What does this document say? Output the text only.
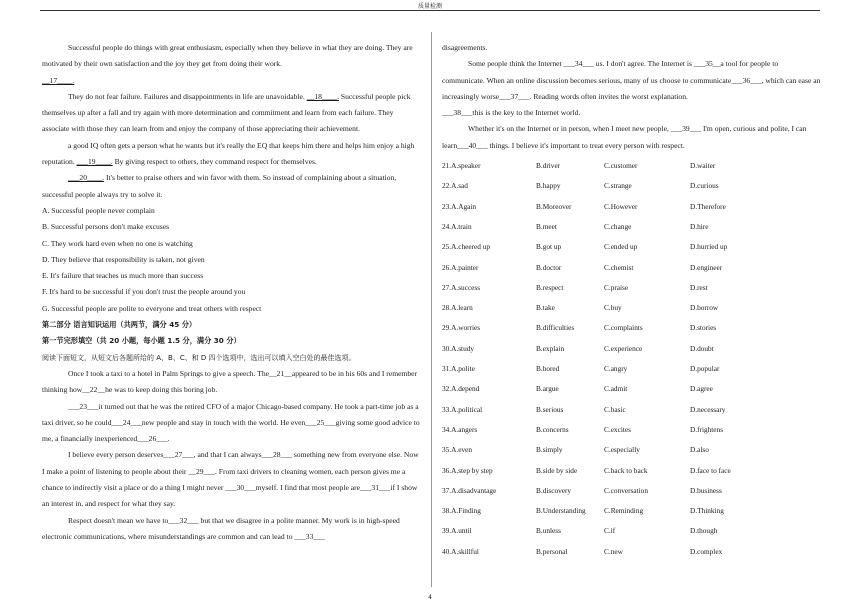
质量检测

Successful people do things with great enthusiasm, especially when they believe in what they are doing. They are motivated by their own satisfaction and the joy they get from doing their work.
__17____.

They do not fear failure. Failures and disappointments in life are unavoidable. __18____. Successful people pick themselves up after a fall and try again with more determination and commitment and learn from each failure. They associate with those they can learn from and enjoy the company of those appreciating their achievement.

a good IQ often gets a person what he wants but it's really the EQ that keeps him there and helps him enjoy a high reputation. ___19____. By giving respect to others, they command respect for themselves.

___20____. It's better to praise others and win favor with them. So instead of complaining about a situation, successful people always try to solve it.

A. Successful people never complain

B. Successful persons don't make excuses

C. They work hard even when no one is watching

D. They believe that responsibility is taken, not given

E. It's failure that teaches us much more than success

F. It's hard to be successful if you don't trust the people around you

G. Successful people are polite to everyone and treat others with respect

第二部分 语言知识运用（共两节，满分 45 分）

第一节完形填空（共 20 小题，每小题 1.5 分，满分 30 分）

阅读下面短文，从短文后各题所给的 A、B、C、和 D 四个选项中，选出可以填入空白处的最佳选项。

Once I took a taxi to a hotel in Palm Springs to give a speech. The__21__appeared to be in his 60s and I remember thinking how__22__he was to keep doing this boring job.

___23___it turned out that he was the retired CFO of a major Chicago-based company. He took a part-time job as a taxi driver, so he could___24___new people and stay in touch with the world. He even___25___giving some good advice to me, a financially inexperienced___26___.

I believe every person deserves___27___, and that I can always___28___ something new from everyone else. Now I make a point of listening to people about their __29___. From taxi drivers to cleaning women, each person gives me a chance to indirectly visit a place or do a thing I might never ___30___myself. I find that most people are___31___if I show an interest in, and respect for what they say.

Respect doesn't mean we have to___32___ but that we disagree in a polite manner. My work is in high-speed electronic communications, where misunderstandings are common and can lead to ___33___

disagreements.

Some people think the Internet ___34___ us. I don't agree. The Internet is ___35__a tool for people to communicate. When an online discussion becomes serious, many of us choose to communicate___36___, which can ease an increasingly worse___37___. Reading words often invites the worst explanation.

___38___this is the key to the Internet world.

Whether it's on the Internet or in person, when I meet new people, ___39___ I'm open, curious and polite, I can learn___40___ things. I believe it's important to treat every person with respect.

21.A.speaker	B.driver	C.customer	D.waiter
22.A.sad	B.happy	C.strange	D.curious
23.A.Again	B.Moreover	C.However	D.Therefore
24.A.train	B.meet	C.change	D.hire
25.A.cheered up	B.got up	C.ended up	D.hurried up
26.A.painter	B.doctor	C.chemist	D.engineer
27.A.success	B.respect	C.praise	D.rest
28.A.learn	B.take	C.buy	D.borrow
29.A.worries	B.difficulties	C.complaints	D.stories
30.A.study	B.explain	C.experience	D.doubt
31.A.polite	B.bored	C.angry	D.popular
32.A.depend	B.argue	C.admit	D.agree
33.A.political	B.serious	C.basic	D.necessary
34.A.angers	B.concerns	C.excites	D.frightens
35.A.even	B.simply	C.especially	D.also
36.A.step by step	B.side by side	C.back to back	D.face to face
37.A.disadvantage	B.discovery	C.conversation	D.business
38.A.Finding	B.Understanding	C.Reminding	D.Thinking
39.A.until	B.unless	C.if	D.though
40.A.skillful	B.personal	C.new	D.complex
4
